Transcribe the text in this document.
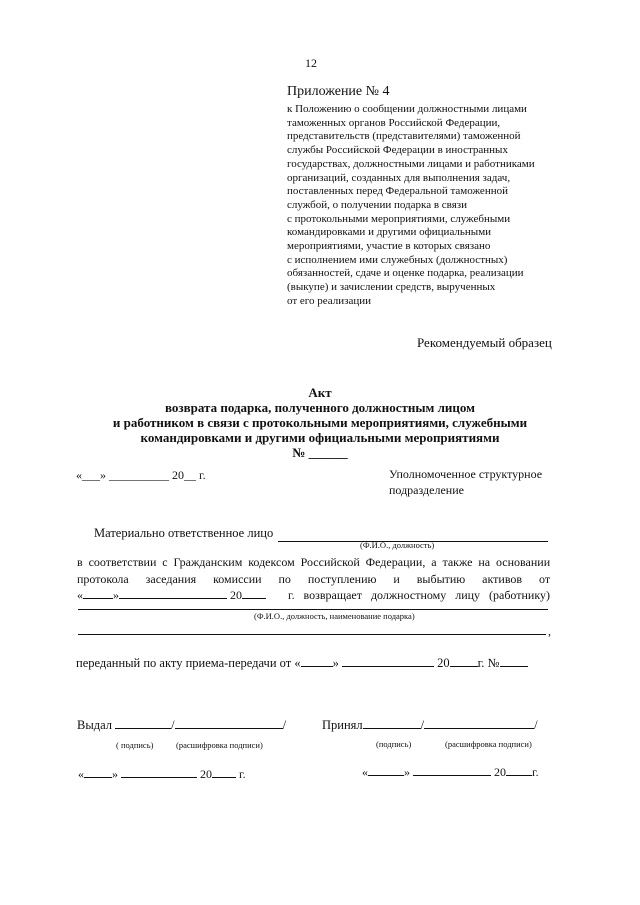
12
Приложение № 4
к Положению о сообщении должностными лицами
таможенных органов Российской Федерации,
представительств (представителями) таможенной
службы Российской Федерации в иностранных
государствах, должностными лицами и работниками
организаций, созданных для выполнения задач,
поставленных перед Федеральной таможенной
службой, о получении подарка в связи
с протокольными мероприятиями, служебными
командировками и другими официальными
мероприятиями, участие в которых связано
с исполнением ими служебных (должностных)
обязанностей, сдаче и оценке подарка, реализации
(выкупе) и зачислении средств, вырученных
от его реализации
Рекомендуемый образец
Акт
возврата подарка, полученного должностным лицом
и работником в связи с протокольными мероприятиями, служебными
командировками и другими официальными мероприятиями
№ ______
«___» __________ 20__ г.	Уполномоченное структурное
подразделение
Материально ответственное лицо
(Ф.И.О., должность)
в соответствии с Гражданским кодексом Российской Федерации, а также на основании
протокола заседания комиссии по поступлению и выбытию активов от
«	»	20	г. возвращает должностному лицу (работнику)
(Ф.И.О., должность, наименование подарка)
,
переданный по акту приема-передачи от «	»	20 г. №
Выдал	/	/
( подпись)	(расшифровка подписи)
Принял	/	/
(подпись)	(расшифровка подписи)
« »	20 г.	«	»	20 г.
